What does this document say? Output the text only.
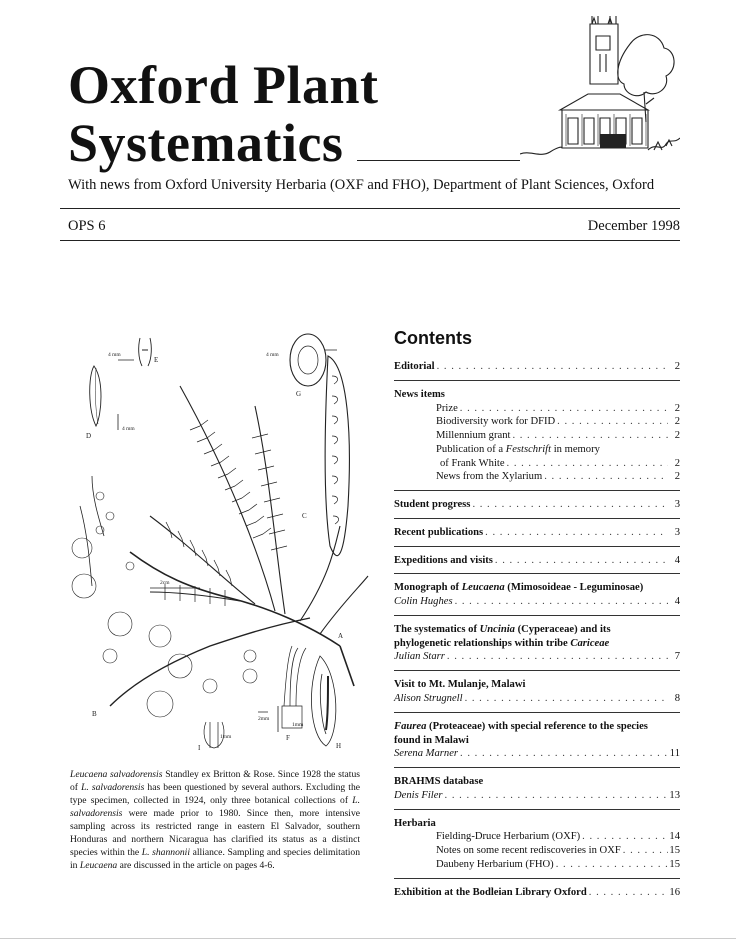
Oxford Plant
Systematics
With news from Oxford University Herbaria (OXF and FHO), Department of Plant Sciences, Oxford
OPS 6	December 1998
E
D
G
C
A
B
I
F
H
4 mm
4 mm
4 mm
2cm
1mm
2mm
1mm
Leucaena salvadorensis Standley ex Britton & Rose. Since 1928 the status of L. salvadorensis has been questioned by several authors. Excluding the type specimen, collected in 1924, only three botanical collections of L. salvadorensis were made prior to 1980. Since then, more intensive sampling across its restricted range in eastern El Salvador, southern Honduras and northern Nicaragua has clarified its status as a distinct species within the L. shannonii alliance. Sampling and species delimitation in Leucaena are discussed in the article on pages 4-6.
Contents
Editorial . . .	2
News items
Prize . . .	2
Biodiversity work for DFID . . .	2
Millennium grant . . .	2
Publication of a Festschrift in memory
of Frank White . . .	2
News from the Xylarium . . .	2
Student progress . . .	3
Recent publications . . .	3
Expeditions and visits . . .	4
Monograph of Leucaena (Mimosoideae - Leguminosae)
Colin Hughes . . .	4
The systematics of Uncinia (Cyperaceae) and its
phylogenetic relationships within tribe Cariceae
Julian Starr . . .	7
Visit to Mt. Mulanje, Malawi
Alison Strugnell . . .	8
Faurea (Proteaceae) with special reference to the species
found in Malawi
Serena Marner . . .	11
BRAHMS database
Denis Filer . . .	13
Herbaria
Fielding-Druce Herbarium (OXF) . . .	14
Notes on some recent rediscoveries in OXF . . .	15
Daubeny Herbarium (FHO) . . .	15
Exhibition at the Bodleian Library Oxford . . .	16
